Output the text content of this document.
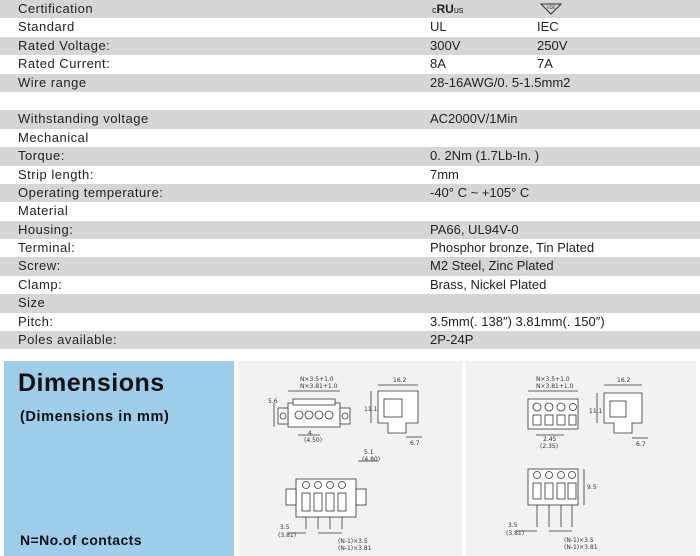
Certification	cRUus	VDE
Standard	UL	IEC
Rated Voltage:	300V	250V
Rated Current:	8A	7A
Wire range	28-16AWG/0. 5-1.5mm2
Withstanding voltage	AC2000V/1Min
Mechanical
Torque:	0. 2Nm (1.7Lb-In. )
Strip length:	7mm
Operating temperature:	-40° C ~ +105° C
Material
Housing:	PA66, UL94V-0
Terminal:	Phosphor bronze, Tin Plated
Screw:	M2 Steel, Zinc Plated
Clamp:	Brass, Nickel Plated
Size
Pitch:	3.5mm(. 138″) 3.81mm(. 150″)
Poles available:	2P-24P
Dimensions
(Dimensions in mm)
N=No.of contacts
N×3.5+1.0
N×3.81+1.0
5.6
4
(4.50)
16.2
11.1
6.7
5.1
(4.80)
3.5
(3.81)
(N-1)×3.5
(N-1)×3.81
N×3.5+1.0
N×3.81+1.0
2.45
(2.35)
16.2
11.1
6.7
9.5
3.5
(3.81)
(N-1)×3.5
(N-1)×3.81
